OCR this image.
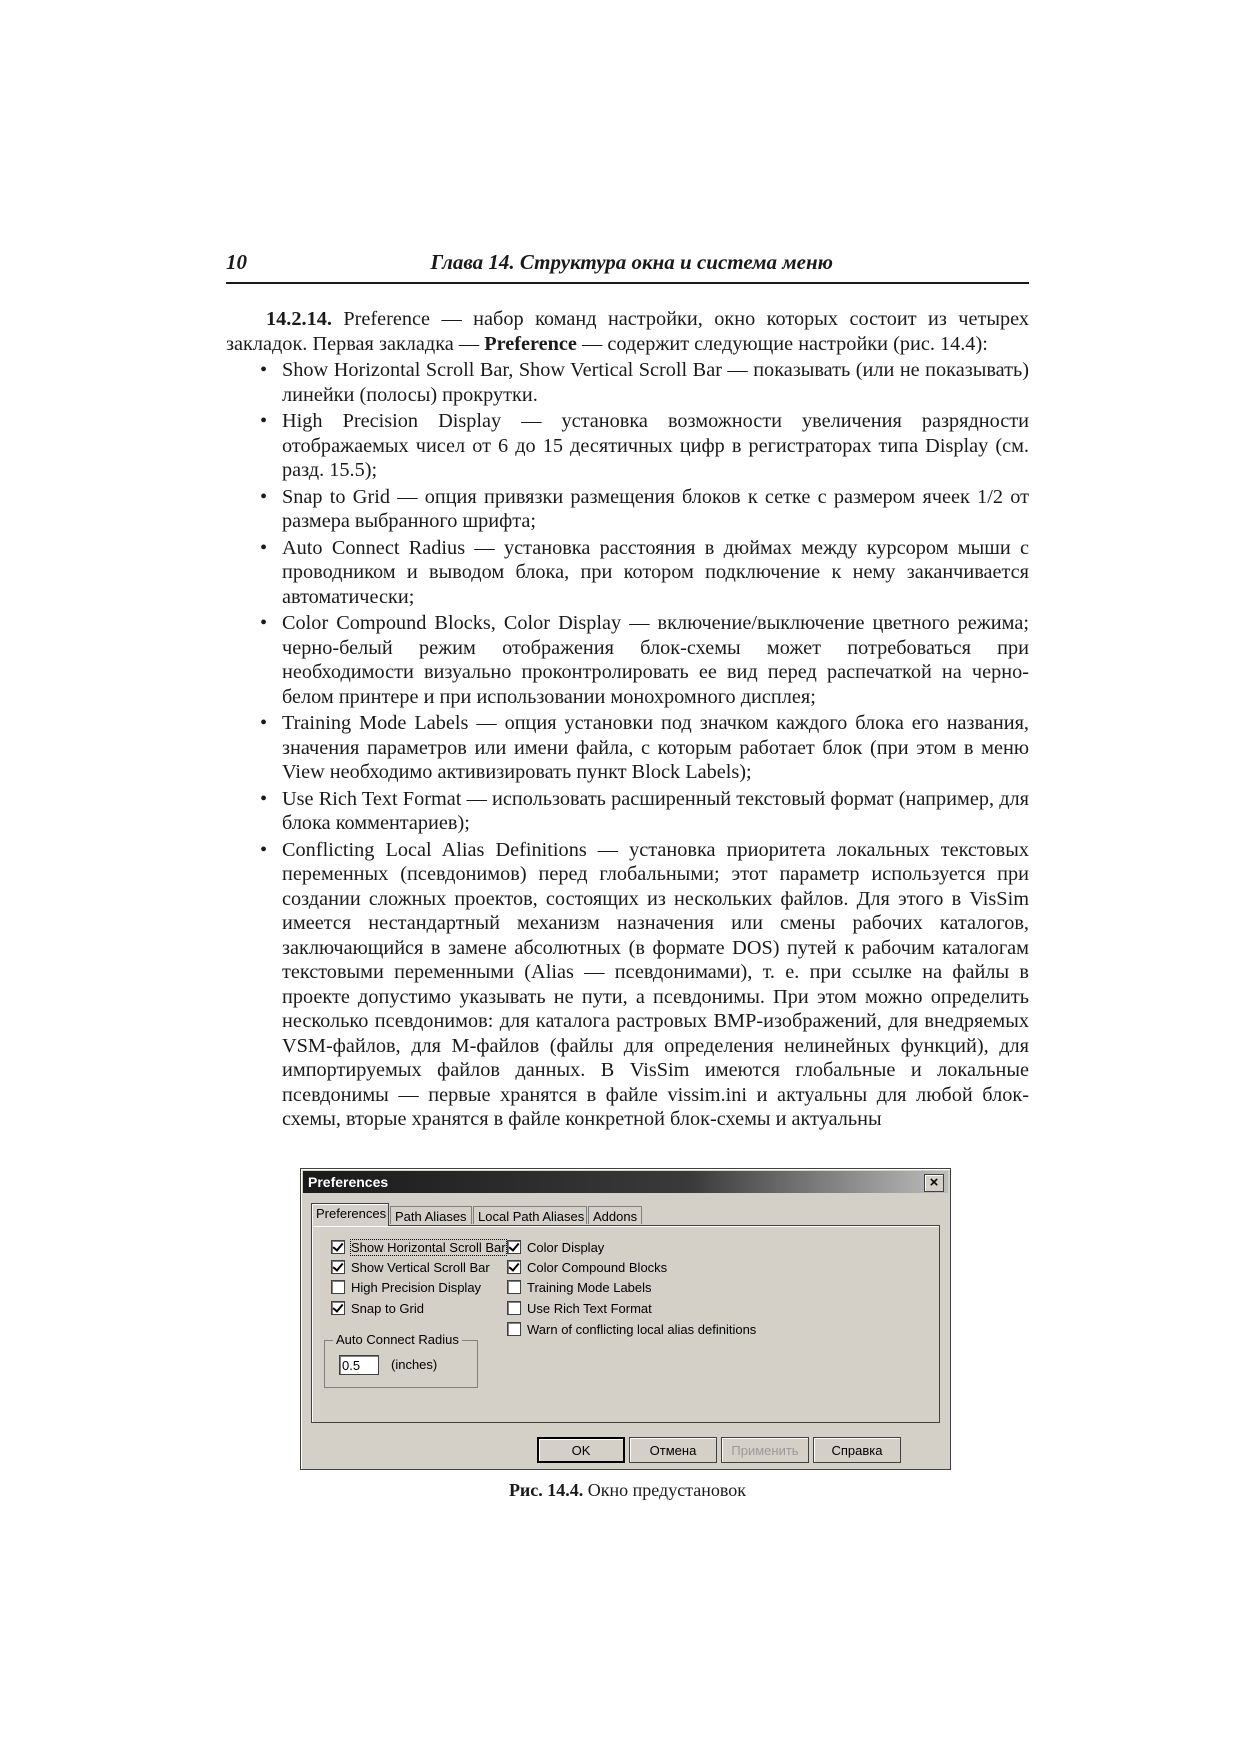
10	Глава 14. Структура окна и система меню

14.2.14. Preference — набор команд настройки, окно которых состоит из четырех закладок. Первая закладка — Preference — содержит следующие настройки (рис. 14.4):

• Show Horizontal Scroll Bar, Show Vertical Scroll Bar — показывать (или не показывать) линейки (полосы) прокрутки.
• High Precision Display — установка возможности увеличения разрядности отображаемых чисел от 6 до 15 десятичных цифр в регистраторах типа Display (см. разд. 15.5);
• Snap to Grid — опция привязки размещения блоков к сетке с размером ячеек 1/2 от размера выбранного шрифта;
• Auto Connect Radius — установка расстояния в дюймах между курсором мыши с проводником и выводом блока, при котором подключение к нему заканчивается автоматически;
• Color Compound Blocks, Color Display — включение/выключение цветного режима; черно-белый режим отображения блок-схемы может потребоваться при необходимости визуально проконтролировать ее вид перед распечаткой на черно-белом принтере и при использовании монохромного дисплея;
• Training Mode Labels — опция установки под значком каждого блока его названия, значения параметров или имени файла, с которым работает блок (при этом в меню View необходимо активизировать пункт Block Labels);
• Use Rich Text Format — использовать расширенный текстовый формат (например, для блока комментариев);
• Conflicting Local Alias Definitions — установка приоритета локальных текстовых переменных (псевдонимов) перед глобальными; этот параметр используется при создании сложных проектов, состоящих из нескольких файлов. Для этого в VisSim имеется нестандартный механизм назначения или смены рабочих каталогов, заключающийся в замене абсолютных (в формате DOS) путей к рабочим каталогам текстовыми переменными (Alias — псевдонимами), т. е. при ссылке на файлы в проекте допустимо указывать не пути, а псевдонимы. При этом можно определить несколько псевдонимов: для каталога растровых BMP-изображений, для внедряемых VSM-файлов, для M-файлов (файлы для определения нелинейных функций), для импортируемых файлов данных. В VisSim имеются глобальные и локальные псевдонимы — первые хранятся в файле vissim.ini и актуальны для любой блок-схемы, вторые хранятся в файле конкретной блок-схемы и актуальны
Preferences	×
Preferences Path Aliases Local Path Aliases Addons
Show Horizontal Scroll Bar
Show Vertical Scroll Bar
High Precision Display
Snap to Grid
Color Display
Color Compound Blocks
Training Mode Labels
Use Rich Text Format
Warn of conflicting local alias definitions
Auto Connect Radius
0.5
(inches)
OK	Отмена	Применить	Справка
Рис. 14.4. Окно предустановок
